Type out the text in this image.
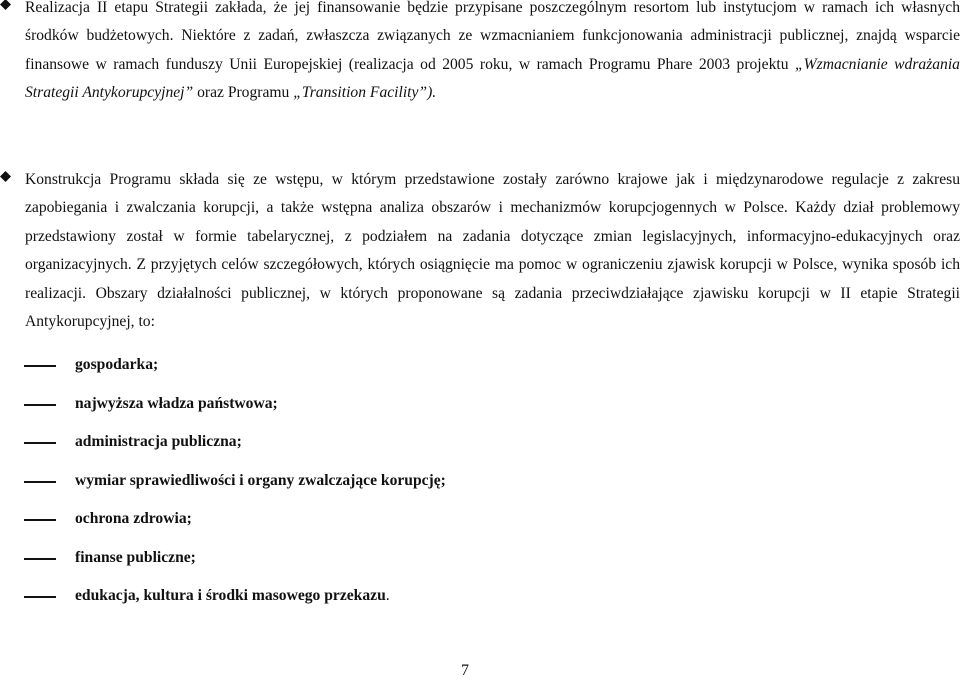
Realizacja II etapu Strategii zakłada, że jej finansowanie będzie przypisane poszczególnym resortom lub instytucjom w ramach ich własnych środków budżetowych. Niektóre z zadań, zwłaszcza związanych ze wzmacnianiem funkcjonowania administracji publicznej, znajdą wsparcie finansowe w ramach funduszy Unii Europejskiej (realizacja od 2005 roku, w ramach Programu Phare 2003 projektu „Wzmacnianie wdrażania Strategii Antykorupcyjnej” oraz Programu „Transition Facility”).
Konstrukcja Programu składa się ze wstępu, w którym przedstawione zostały zarówno krajowe jak i międzynarodowe regulacje z zakresu zapobiegania i zwalczania korupcji, a także wstępna analiza obszarów i mechanizmów korupcjogennych w Polsce. Każdy dział problemowy przedstawiony został w formie tabelarycznej, z podziałem na zadania dotyczące zmian legislacyjnych, informacyjno-edukacyjnych oraz organizacyjnych. Z przyjętych celów szczegółowych, których osiągnięcie ma pomoc w ograniczeniu zjawisk korupcji w Polsce, wynika sposób ich realizacji. Obszary działalności publicznej, w których proponowane są zadania przeciwdziałające zjawisku korupcji w II etapie Strategii Antykorupcyjnej, to:
gospodarka;
najwyższa władza państwowa;
administracja publiczna;
wymiar sprawiedliwości i organy zwalczające korupcję;
ochrona zdrowia;
finanse publiczne;
edukacja, kultura i środki masowego przekazu.
7
